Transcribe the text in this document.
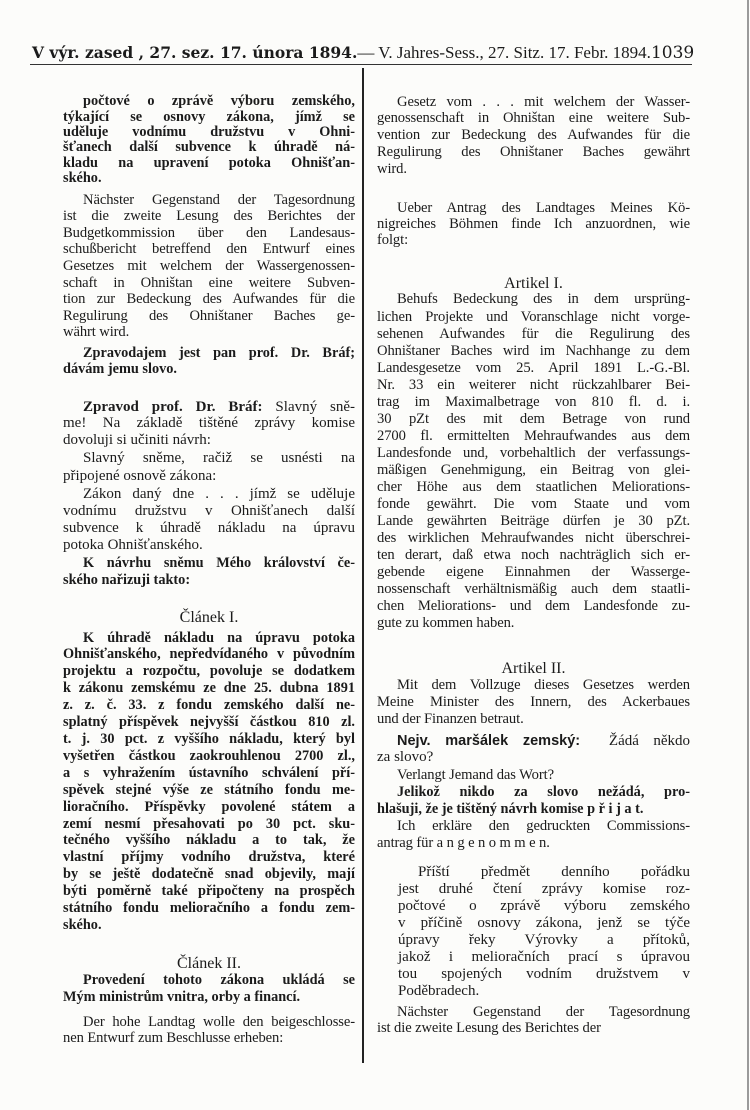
V výr. zased , 27. sez. 17. února 1894. — V. Jahres-Sess., 27. Sitz. 17. Febr. 1894. 1039
počtové o zprávě výboru zemského,
týkající se osnovy zákona, jímž se
uděluje vodnímu družstvu v Ohni-
šťanech další subvence k úhradě ná-
kladu na upravení potoka Ohnišťan-
ského.
Nächster Gegenstand der Tagesordnung
ist die zweite Lesung des Berichtes der
Budgetkommission über den Landesaus-
schußbericht betreffend den Entwurf eines
Gesetzes mit welchem der Wassergenossen-
schaft in Ohništan eine weitere Subven-
tion zur Bedeckung des Aufwandes für die
Regulirung des Ohništaner Baches ge-
währt wird.
Zpravodajem jest pan prof. Dr. Bráf;
dávám jemu slovo.
Zpravod prof. Dr. Bráf: Slavný sně-
me! Na základě tištěné zprávy komise
dovoluji si učiniti návrh:
Slavný sněme, račiž se usnésti na
připojené osnově zákona:
Zákon daný dne . . . jímž se uděluje
vodnímu družstvu v Ohnišťanech další
subvence k úhradě nákladu na úpravu
potoka Ohnišťanského.
K návrhu sněmu Mého království če-
ského nařizuji takto:
Článek I.
K úhradě nákladu na úpravu potoka
Ohnišťanského, nepředvídaného v původním
projektu a rozpočtu, povoluje se dodatkem
k zákonu zemskému ze dne 25. dubna 1891
z. z. č. 33. z fondu zemského další ne-
splatný příspěvek nejvyšší částkou 810 zl.
t. j. 30 pct. z vyššího nákladu, který byl
vyšetřen částkou zaokrouhlenou 2700 zl.,
a s vyhražením ústavního schválení pří-
spěvek stejné výše ze státního fondu me-
lioračního. Příspěvky povolené státem a
zemí nesmí přesahovati po 30 pct. sku-
tečného vyššího nákladu a to tak, že
vlastní příjmy vodního družstva, které
by se ještě dodatečně snad objevily, mají
býti poměrně také připočteny na prospěch
státního fondu melioračního a fondu zem-
ského.
Článek II.
Provedení tohoto zákona ukládá se
Mým ministrům vnitra, orby a financí.
Der hohe Landtag wolle den beigeschlosse-
nen Entwurf zum Beschlusse erheben:
Gesetz vom . . . mit welchem der Wasser-
genossenschaft in Ohništan eine weitere Sub-
vention zur Bedeckung des Aufwandes für die
Regulirung des Ohništaner Baches gewährt
wird.
Ueber Antrag des Landtages Meines Kö-
nigreiches Böhmen finde Ich anzuordnen, wie
folgt:
Artikel I.
Behufs Bedeckung des in dem ursprüng-
lichen Projekte und Voranschlage nicht vorge-
sehenen Aufwandes für die Regulirung des
Ohništaner Baches wird im Nachhange zu dem
Landesgesetze vom 25. April 1891 L.-G.-Bl.
Nr. 33 ein weiterer nicht rückzahlbarer Bei-
trag im Maximalbetrage von 810 fl. d. i.
30 pZt des mit dem Betrage von rund
2700 fl. ermittelten Mehraufwandes aus dem
Landesfonde und, vorbehaltlich der verfassungs-
mäßigen Genehmigung, ein Beitrag von glei-
cher Höhe aus dem staatlichen Meliorations-
fonde gewährt. Die vom Staate und vom
Lande gewährten Beiträge dürfen je 30 pZt.
des wirklichen Mehraufwandes nicht überschrei-
ten derart, daß etwa noch nachträglich sich er-
gebende eigene Einnahmen der Wasserge-
nossenschaft verhältnismäßig auch dem staatli-
chen Meliorations- und dem Landesfonde zu-
gute zu kommen haben.
Artikel II.
Mit dem Vollzuge dieses Gesetzes werden
Meine Minister des Innern, des Ackerbaues
und der Finanzen betraut.
Nejv. maršálek zemský:  Žádá někdo
za slovo?
Verlangt Jemand das Wort?
Jelikož nikdo za slovo nežádá, pro-
hlašuji, že je tištěný návrh komise p ř i j a t.
Ich erkläre den gedruckten Commissions-
antrag für a n g e n o m m e n.
Příští předmět denního pořádku
jest druhé čtení zprávy komise roz-
počtové o zprávě výboru zemského
v příčině osnovy zákona, jenž se týče
úpravy řeky Výrovky a přítoků,
jakož i melioračních prací s úpravou
tou spojených vodním družstvem v
Poděbradech.
Nächster Gegenstand der Tagesordnung
ist die zweite Lesung des Berichtes der
